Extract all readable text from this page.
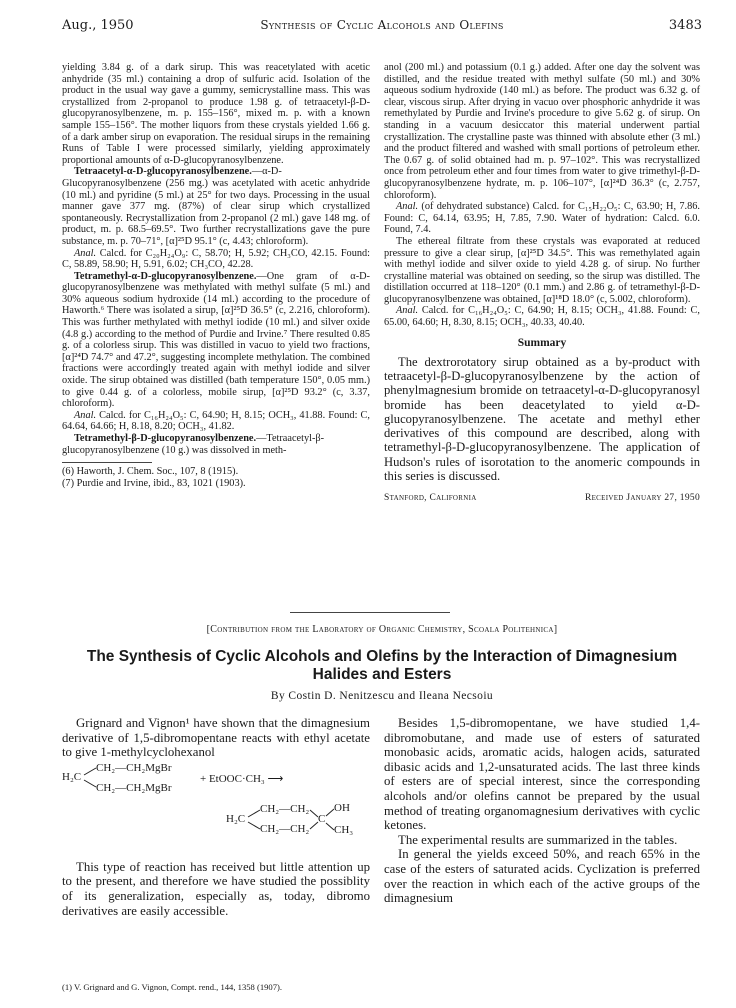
Aug., 1950	Synthesis of Cyclic Alcohols and Olefins	3483

yielding 3.84 g. of a dark sirup. This was reacetylated with acetic anhydride (35 ml.) containing a drop of sulfuric acid. Isolation of the product in the usual way gave a gummy, semicrystalline mass. This was crystallized from 2-propanol to produce 1.98 g. of tetraacetyl-β-D-glucopyranosylbenzene, m. p. 155–156°, mixed m. p. with a known sample 155–156°. The mother liquors from these crystals yielded 1.66 g. of a dark amber sirup on evaporation. The residual sirups in the remaining Runs of Table I were processed similarly, yielding approximately proportional amounts of α-D-glucopyranosylbenzene.

Tetraacetyl-α-D-glucopyranosylbenzene.—α-D-Glucopyranosylbenzene (256 mg.) was acetylated with acetic anhydride (10 ml.) and pyridine (5 ml.) at 25° for two days. Processing in the usual manner gave 377 mg. (87%) of clear sirup which crystallized spontaneously. Recrystallization from 2-propanol (2 ml.) gave 148 mg. of product, m. p. 68.5–69.5°. Two further recrystallizations gave the pure substance, m. p. 70–71°, [α]²⁵D 95.1° (c, 4.43; chloroform).

Anal. Calcd. for C₂₀H₂₄O₉: C, 58.70; H, 5.92; CH₃CO, 42.15. Found: C, 58.89, 58.90; H, 5.91, 6.02; CH₃CO, 42.28.

Tetramethyl-α-D-glucopyranosylbenzene.—One gram of α-D-glucopyranosylbenzene was methylated with methyl sulfate (5 ml.) and 30% aqueous sodium hydroxide (14 ml.) according to the procedure of Haworth.⁶ There was isolated a sirup, [α]²⁵D 36.5° (c, 2.216, chloroform). This was further methylated with methyl iodide (10 ml.) and silver oxide (4.8 g.) according to the method of Purdie and Irvine.⁷ There resulted 0.85 g. of a colorless sirup. This was distilled in vacuo to yield two fractions, [α]²⁴D 74.7° and 47.2°, suggesting incomplete methylation. The combined fractions were accordingly treated again with methyl iodide and silver oxide. The sirup obtained was distilled (bath temperature 150°, 0.05 mm.) to give 0.44 g. of a colorless, mobile sirup, [α]²⁵D 93.2° (c, 3.37, chloroform).

Anal. Calcd. for C₁₆H₂₄O₅: C, 64.90; H, 8.15; OCH₃, 41.88. Found: C, 64.64, 64.66; H, 8.18, 8.20; OCH₃, 41.82.

Tetramethyl-β-D-glucopyranosylbenzene.—Tetraacetyl-β-glucopyranosylbenzene (10 g.) was dissolved in meth-

(6) Haworth, J. Chem. Soc., 107, 8 (1915).

(7) Purdie and Irvine, ibid., 83, 1021 (1903).

anol (200 ml.) and potassium (0.1 g.) added. After one day the solvent was distilled, and the residue treated with methyl sulfate (50 ml.) and 30% aqueous sodium hydroxide (140 ml.) as before. The product was 6.32 g. of clear, viscous sirup. After drying in vacuo over phosphoric anhydride it was remethylated by Purdie and Irvine's procedure to give 5.62 g. of sirup. On standing in a vacuum desiccator this material underwent partial crystallization. The crystalline paste was thinned with absolute ether (3 ml.) and the product filtered and washed with small portions of petroleum ether. The 0.67 g. of solid obtained had m. p. 97–102°. This was recrystallized once from petroleum ether and four times from water to give trimethyl-β-D-glucopyranosylbenzene hydrate, m. p. 106–107°, [α]²⁴D 36.3° (c, 2.757, chloroform).

Anal. (of dehydrated substance) Calcd. for C₁₅H₂₂O₅: C, 63.90; H, 7.86. Found: C, 64.14, 63.95; H, 7.85, 7.90. Water of hydration: Calcd. 6.0. Found, 7.4.

The ethereal filtrate from these crystals was evaporated at reduced pressure to give a clear sirup, [α]²⁵D 34.5°. This was remethylated again with methyl iodide and silver oxide to yield 4.28 g. of sirup. No further crystalline material was obtained on seeding, so the sirup was distilled. The distillation occurred at 118–120° (0.1 mm.) and 2.86 g. of tetramethyl-β-D-glucopyranosylbenzene was obtained, [α]¹⁸D 18.0° (c, 5.002, chloroform).

Anal. Calcd. for C₁₆H₂₄O₅: C, 64.90; H, 8.15; OCH₃, 41.88. Found: C, 65.00, 64.60; H, 8.30, 8.15; OCH₃, 40.33, 40.40.

Summary

The dextrorotatory sirup obtained as a by-product with tetraacetyl-β-D-glucopyranosylbenzene by the action of phenylmagnesium bromide on tetraacetyl-α-D-glucopyranosyl bromide has been deacetylated to yield α-D-glucopyranosylbenzene. The acetate and methyl ether derivatives of this compound are described, along with tetramethyl-β-D-glucopyranosylbenzene. The application of Hudson's rules of isorotation to the anomeric compounds in this series is discussed.

Stanford, California	Received January 27, 1950
[Contribution from the Laboratory of Organic Chemistry, Scoala Politehnica]
The Synthesis of Cyclic Alcohols and Olefins by the Interaction of Dimagnesium
Halides and Esters
By Costin D. Nenitzescu and Ileana Necsoiu

Grignard and Vignon¹ have shown that the dimagnesium derivative of 1,5-dibromopentane reacts with ethyl acetate to give 1-methylcyclohexanol

H₂C
CH₂—CH₂MgBr
CH₂—CH₂MgBr
+ EtOOC·CH₃ ⟶
H₂C
CH₂—CH₂
CH₂—CH₂
C
OH
CH₃

This type of reaction has received but little attention up to the present, and therefore we have studied the possiblity of its generalization, especially as, today, dibromo derivatives are easily accessible.

(1) V. Grignard and G. Vignon, Compt. rend., 144, 1358 (1907).

Besides 1,5-dibromopentane, we have studied 1,4-dibromobutane, and made use of esters of saturated monobasic acids, aromatic acids, halogen acids, saturated dibasic acids and 1,2-unsaturated acids. The last three kinds of esters are of special interest, since the corresponding alcohols and/or olefins cannot be prepared by the usual method of treating organomagnesium derivatives with cyclic ketones.

The experimental results are summarized in the tables.

In general the yields exceed 50%, and reach 65% in the case of the esters of saturated acids. Cyclization is preferred over the reaction in which each of the active groups of the dimagnesium
